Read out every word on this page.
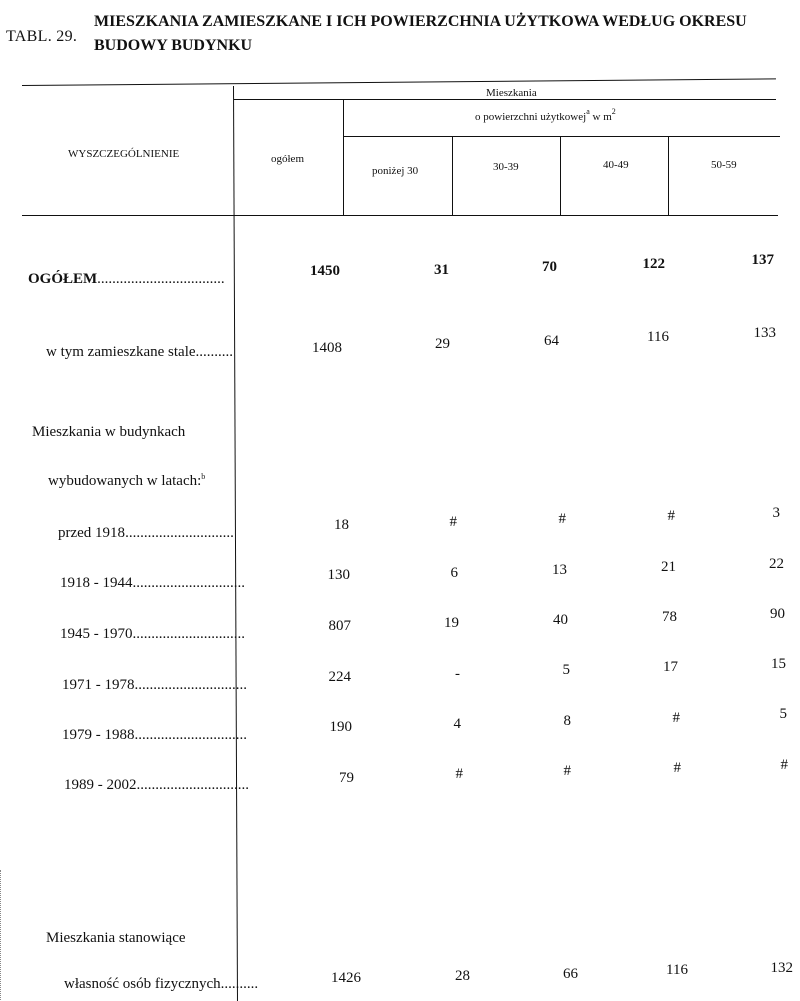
TABL. 29.
MIESZKANIA ZAMIESZKANE I ICH POWIERZCHNIA UŻYTKOWA WEDŁUG OKRESU
BUDOWY BUDYNKU
WYSZCZEGÓLNIENIE
Mieszkania
o powierzchni użytkowej$^a$ w $m^2$
ogółem
poniżej 30	30-39	40-49	50-59
OGÓŁEM..................................	1450	31	70	122	137
w tym zamieszkane stale..........	1408	29	64	116	133
Mieszkania w budynkach
wybudowanych w latach:$^b$
przed 1918.............................	18	#	#	#	3
1918 - 1944..............................	130	6	13	21	22
1945 - 1970..............................	807	19	40	78	90
1971 - 1978..............................	224	-	5	17	15
1979 - 1988..............................	190	4	8	#	5
1989 - 2002..............................	79	#	#	#	#
Mieszkania stanowiące
własność osób fizycznych..........	1426	28	66	116	132
